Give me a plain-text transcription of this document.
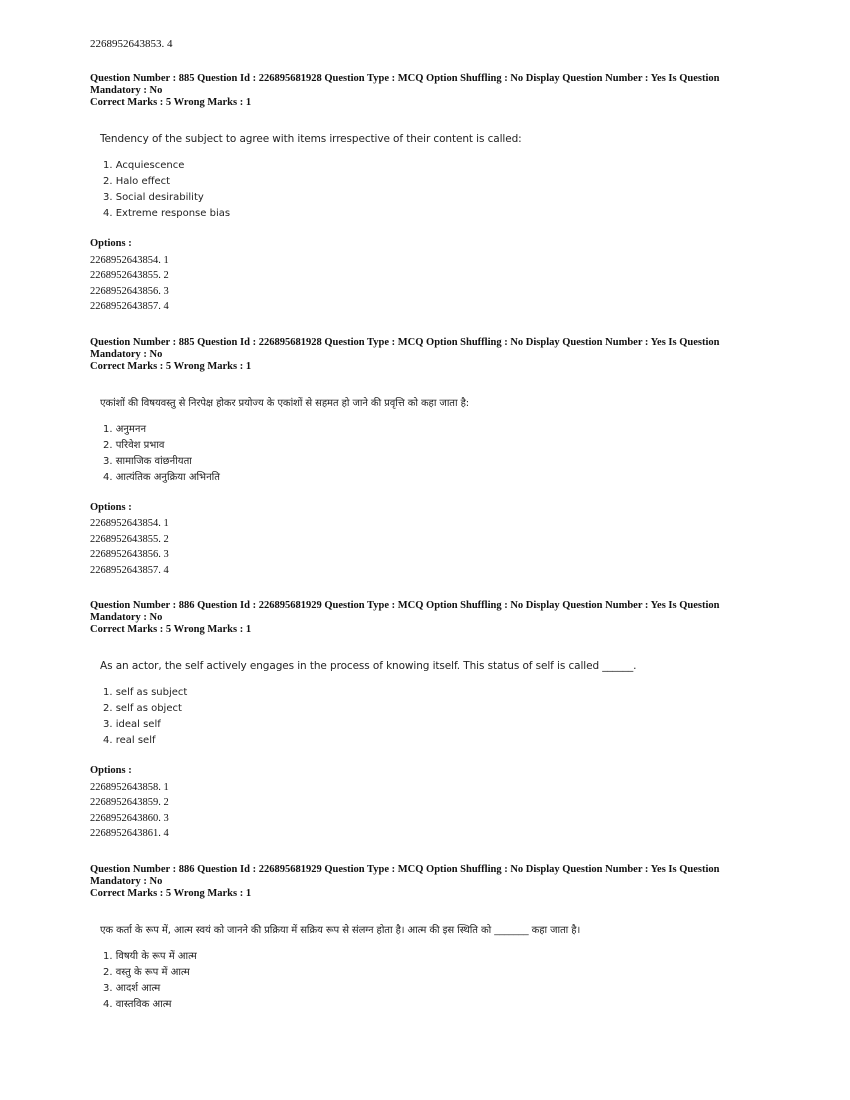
2268952643853. 4
Question Number : 885 Question Id : 226895681928 Question Type : MCQ Option Shuffling : No Display Question Number : Yes Is Question
Mandatory : No
Correct Marks : 5 Wrong Marks : 1
Tendency of the subject to agree with items irrespective of their content is called:
1. Acquiescence
2. Halo effect
3. Social desirability
4. Extreme response bias
Options :
2268952643854. 1
2268952643855. 2
2268952643856. 3
2268952643857. 4
Question Number : 885 Question Id : 226895681928 Question Type : MCQ Option Shuffling : No Display Question Number : Yes Is Question
Mandatory : No
Correct Marks : 5 Wrong Marks : 1
एकांशों की विषयवस्तु से निरपेक्ष होकर प्रयोज्य के एकांशों से सहमत हो जाने की प्रवृत्ति को कहा जाता है:
1. अनुमनन
2. परिवेश प्रभाव
3. सामाजिक वांछनीयता
4. आत्यंतिक अनुक्रिया अभिनति
Options :
2268952643854. 1
2268952643855. 2
2268952643856. 3
2268952643857. 4
Question Number : 886 Question Id : 226895681929 Question Type : MCQ Option Shuffling : No Display Question Number : Yes Is Question
Mandatory : No
Correct Marks : 5 Wrong Marks : 1
As an actor, the self actively engages in the process of knowing itself. This status of self is called ______.
1. self as subject
2. self as object
3. ideal self
4. real self
Options :
2268952643858. 1
2268952643859. 2
2268952643860. 3
2268952643861. 4
Question Number : 886 Question Id : 226895681929 Question Type : MCQ Option Shuffling : No Display Question Number : Yes Is Question
Mandatory : No
Correct Marks : 5 Wrong Marks : 1
एक कर्ता के रूप में, आत्म स्वयं को जानने की प्रक्रिया में सक्रिय रूप से संलग्न होता है। आत्म की इस स्थिति को _______ कहा जाता है।
1. विषयी के रूप में आत्म
2. वस्तु के रूप में आत्म
3. आदर्श आत्म
4. वास्तविक आत्म
